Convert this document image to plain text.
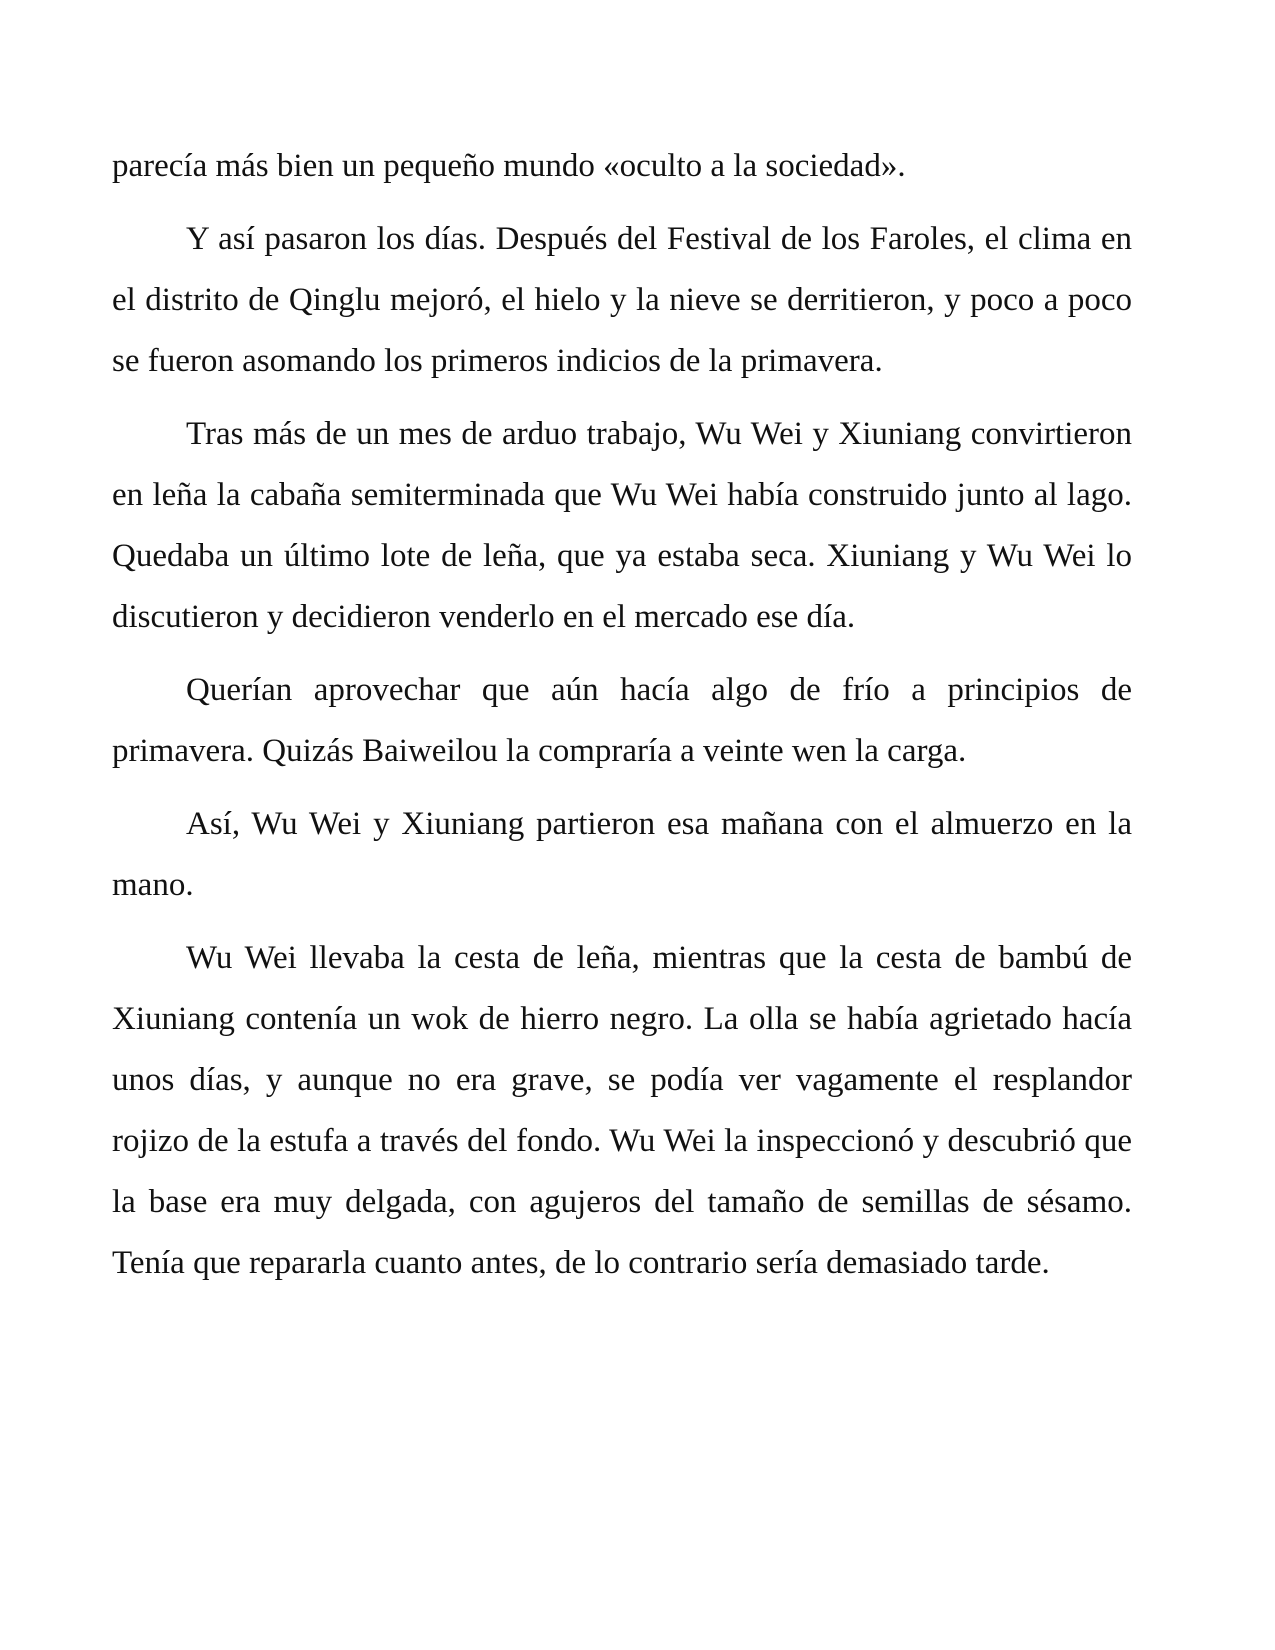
parecía más bien un pequeño mundo «oculto a la sociedad».

Y así pasaron los días. Después del Festival de los Faroles, el clima en el distrito de Qinglu mejoró, el hielo y la nieve se derritieron, y poco a poco se fueron asomando los primeros indicios de la primavera.

Tras más de un mes de arduo trabajo, Wu Wei y Xiuniang convirtieron en leña la cabaña semiterminada que Wu Wei había construido junto al lago. Quedaba un último lote de leña, que ya estaba seca. Xiuniang y Wu Wei lo discutieron y decidieron venderlo en el mercado ese día.

Querían aprovechar que aún hacía algo de frío a principios de primavera. Quizás Baiweilou la compraría a veinte wen la carga.

Así, Wu Wei y Xiuniang partieron esa mañana con el almuerzo en la mano.

Wu Wei llevaba la cesta de leña, mientras que la cesta de bambú de Xiuniang contenía un wok de hierro negro. La olla se había agrietado hacía unos días, y aunque no era grave, se podía ver vagamente el resplandor rojizo de la estufa a través del fondo. Wu Wei la inspeccionó y descubrió que la base era muy delgada, con agujeros del tamaño de semillas de sésamo. Tenía que repararla cuanto antes, de lo contrario sería demasiado tarde.
